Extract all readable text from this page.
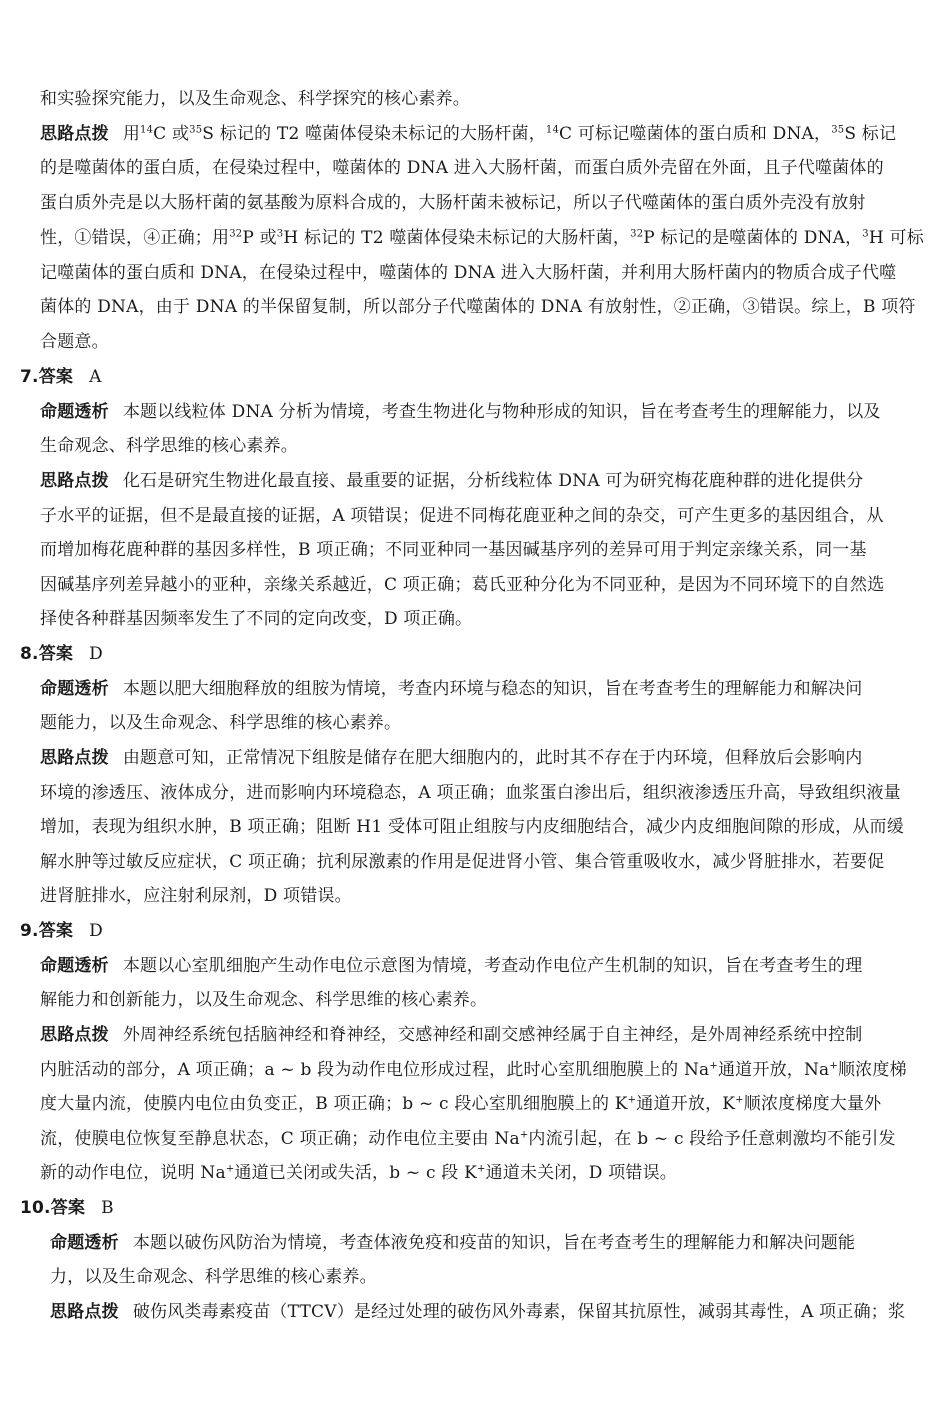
和实验探究能力，以及生命观念、科学探究的核心素养。
思路点拨 用$^{14}$C 或$^{35}$S 标记的 T2 噬菌体侵染未标记的大肠杆菌，$^{14}$C 可标记噬菌体的蛋白质和 DNA，$^{35}$S 标记
的是噬菌体的蛋白质，在侵染过程中，噬菌体的 DNA 进入大肠杆菌，而蛋白质外壳留在外面，且子代噬菌体的
蛋白质外壳是以大肠杆菌的氨基酸为原料合成的，大肠杆菌未被标记，所以子代噬菌体的蛋白质外壳没有放射
性，①错误，④正确；用$^{32}$P 或$^3$H 标记的 T2 噬菌体侵染未标记的大肠杆菌，$^{32}$P 标记的是噬菌体的 DNA，$^3$H 可标
记噬菌体的蛋白质和 DNA，在侵染过程中，噬菌体的 DNA 进入大肠杆菌，并利用大肠杆菌内的物质合成子代噬
菌体的 DNA，由于 DNA 的半保留复制，所以部分子代噬菌体的 DNA 有放射性，②正确，③错误。综上，B 项符
合题意。
7.答案 A
命题透析 本题以线粒体 DNA 分析为情境，考查生物进化与物种形成的知识，旨在考查考生的理解能力，以及
生命观念、科学思维的核心素养。
思路点拨 化石是研究生物进化最直接、最重要的证据，分析线粒体 DNA 可为研究梅花鹿种群的进化提供分
子水平的证据，但不是最直接的证据，A 项错误；促进不同梅花鹿亚种之间的杂交，可产生更多的基因组合，从
而增加梅花鹿种群的基因多样性，B 项正确；不同亚种同一基因碱基序列的差异可用于判定亲缘关系，同一基
因碱基序列差异越小的亚种，亲缘关系越近，C 项正确；葛氏亚种分化为不同亚种，是因为不同环境下的自然选
择使各种群基因频率发生了不同的定向改变，D 项正确。
8.答案 D
命题透析 本题以肥大细胞释放的组胺为情境，考查内环境与稳态的知识，旨在考查考生的理解能力和解决问
题能力，以及生命观念、科学思维的核心素养。
思路点拨 由题意可知，正常情况下组胺是储存在肥大细胞内的，此时其不存在于内环境，但释放后会影响内
环境的渗透压、液体成分，进而影响内环境稳态，A 项正确；血浆蛋白渗出后，组织液渗透压升高，导致组织液量
增加，表现为组织水肿，B 项正确；阻断 H1 受体可阻止组胺与内皮细胞结合，减少内皮细胞间隙的形成，从而缓
解水肿等过敏反应症状，C 项正确；抗利尿激素的作用是促进肾小管、集合管重吸收水，减少肾脏排水，若要促
进肾脏排水，应注射利尿剂，D 项错误。
9.答案 D
命题透析 本题以心室肌细胞产生动作电位示意图为情境，考查动作电位产生机制的知识，旨在考查考生的理
解能力和创新能力，以及生命观念、科学思维的核心素养。
思路点拨 外周神经系统包括脑神经和脊神经，交感神经和副交感神经属于自主神经，是外周神经系统中控制
内脏活动的部分，A 项正确；a ~ b 段为动作电位形成过程，此时心室肌细胞膜上的 Na+通道开放，Na+顺浓度梯
度大量内流，使膜内电位由负变正，B 项正确；b ~ c 段心室肌细胞膜上的 K+通道开放，K+顺浓度梯度大量外
流，使膜电位恢复至静息状态，C 项正确；动作电位主要由 Na+内流引起，在 b ~ c 段给予任意刺激均不能引发
新的动作电位，说明 Na+通道已关闭或失活，b ~ c 段 K+通道未关闭，D 项错误。
10.答案 B
命题透析 本题以破伤风防治为情境，考查体液免疫和疫苗的知识，旨在考查考生的理解能力和解决问题能
力，以及生命观念、科学思维的核心素养。
思路点拨 破伤风类毒素疫苗（TTCV）是经过处理的破伤风外毒素，保留其抗原性，减弱其毒性，A 项正确；浆
